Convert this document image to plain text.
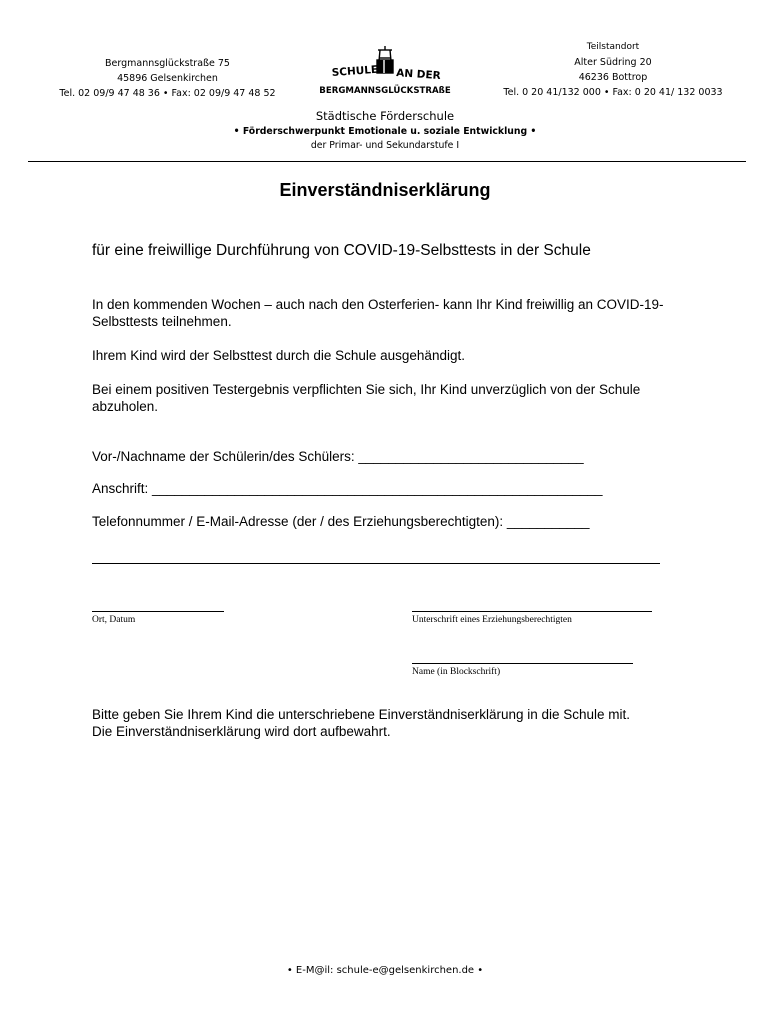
Bergmannsglückstraße 75
45896 Gelsenkirchen
Tel. 02 09/9 47 48 36 • Fax: 02 09/9 47 48 52
SCHULE AN DER
BERGMANNSGLÜCKSTRAßE
Teilstandort
Alter Südring 20
46236 Bottrop
Tel. 0 20 41/132 000 • Fax: 0 20 41/ 132 0033
Städtische Förderschule
• Förderschwerpunkt Emotionale u. soziale Entwicklung •
der Primar- und Sekundarstufe I
Einverständniserklärung
für eine freiwillige Durchführung von COVID-19-Selbsttests in der Schule
In den kommenden Wochen – auch nach den Osterferien- kann Ihr Kind freiwillig an COVID-19-Selbsttests teilnehmen.
Ihrem Kind wird der Selbsttest durch die Schule ausgehändigt.
Bei einem positiven Testergebnis verpflichten Sie sich, Ihr Kind unverzüglich von der Schule abzuholen.
Vor-/Nachname der Schülerin/des Schülers: ______________________________
Anschrift: ____________________________________________________________
Telefonnummer / E-Mail-Adresse (der / des Erziehungsberechtigten): ___________
Ort, Datum	Unterschrift eines Erziehungsberechtigten
Name (in Blockschrift)
Bitte geben Sie Ihrem Kind die unterschriebene Einverständniserklärung in die Schule mit. Die Einverständniserklärung wird dort aufbewahrt.
• E-M@il: schule-e@gelsenkirchen.de •
